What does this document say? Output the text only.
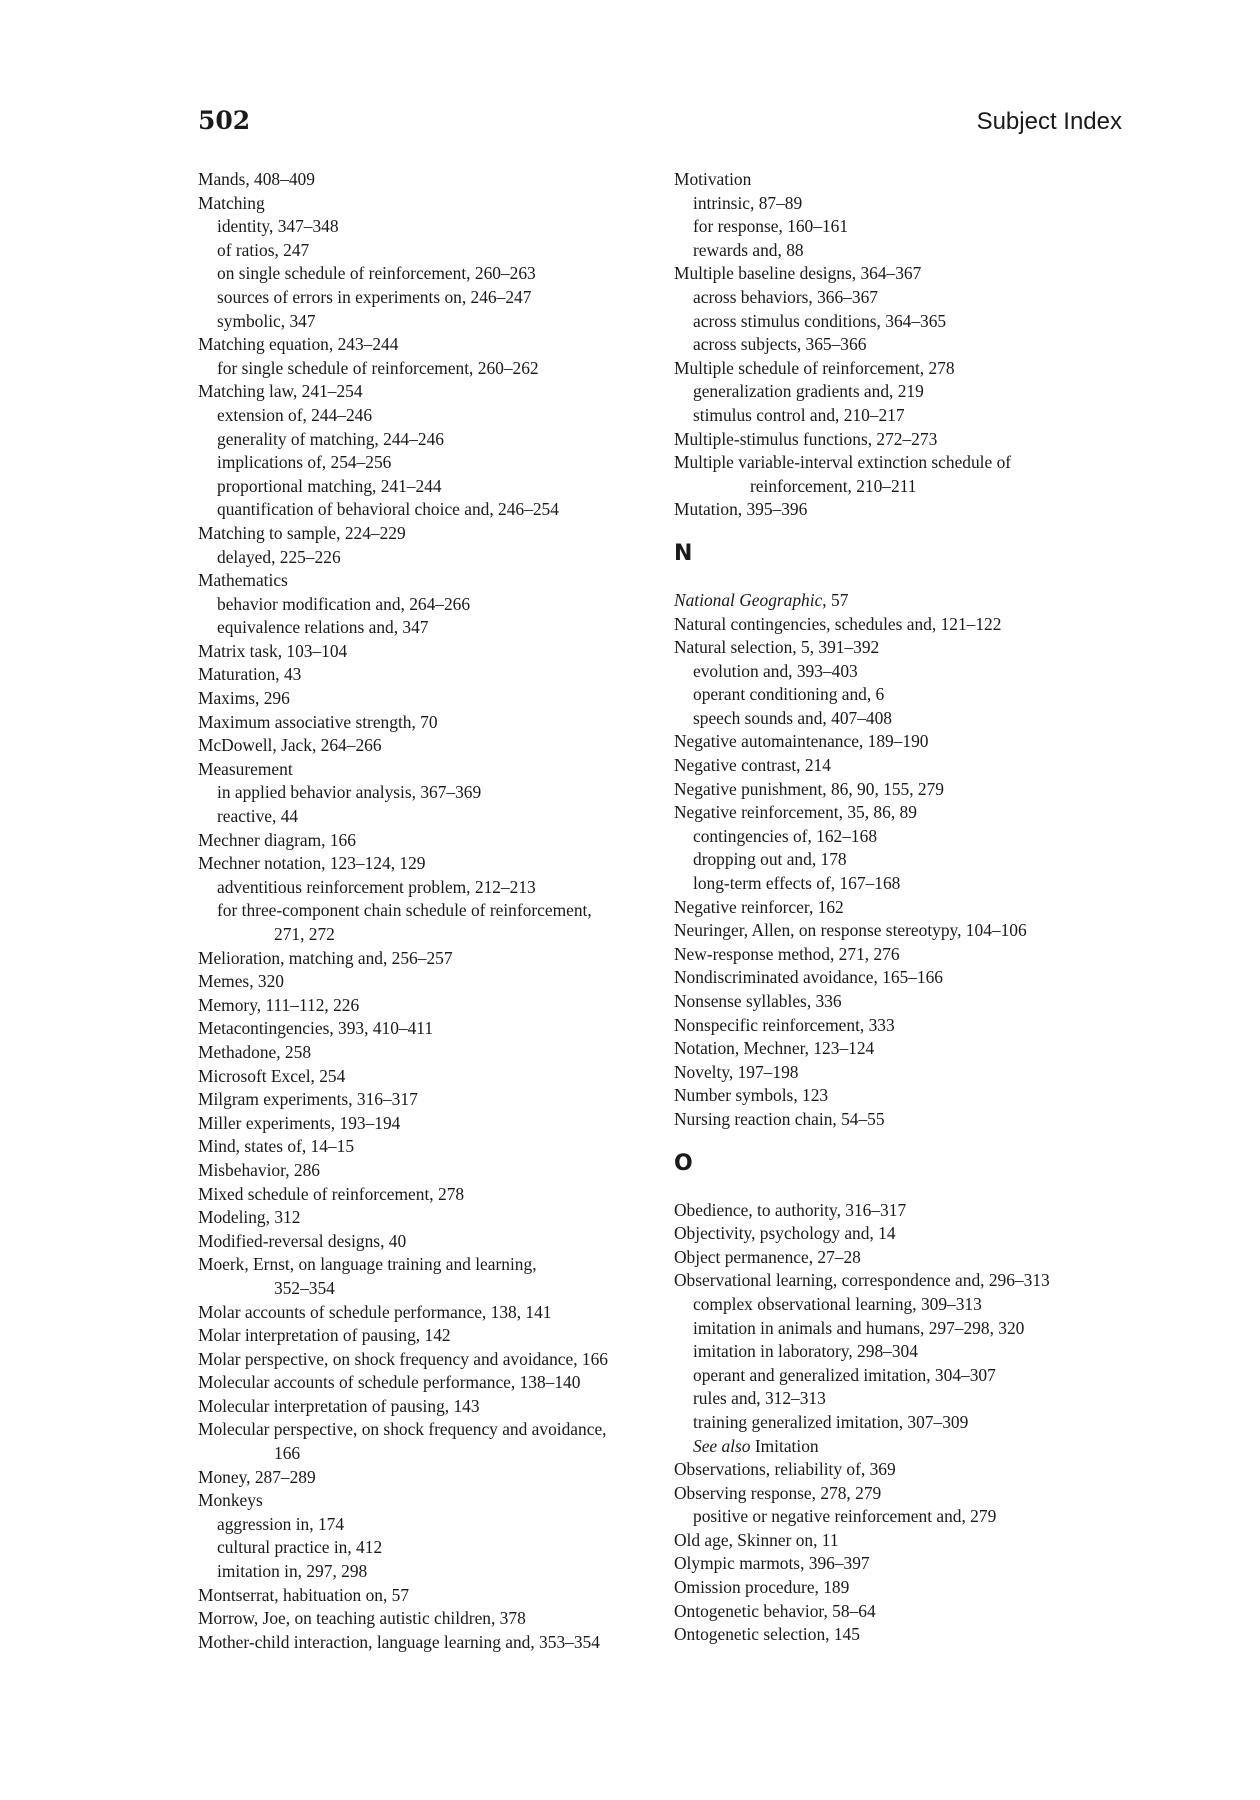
502	Subject Index
Mands, 408–409
Matching
identity, 347–348
of ratios, 247
on single schedule of reinforcement, 260–263
sources of errors in experiments on, 246–247
symbolic, 347
Matching equation, 243–244
for single schedule of reinforcement, 260–262
Matching law, 241–254
extension of, 244–246
generality of matching, 244–246
implications of, 254–256
proportional matching, 241–244
quantification of behavioral choice and, 246–254
Matching to sample, 224–229
delayed, 225–226
Mathematics
behavior modification and, 264–266
equivalence relations and, 347
Matrix task, 103–104
Maturation, 43
Maxims, 296
Maximum associative strength, 70
McDowell, Jack, 264–266
Measurement
in applied behavior analysis, 367–369
reactive, 44
Mechner diagram, 166
Mechner notation, 123–124, 129
adventitious reinforcement problem, 212–213
for three-component chain schedule of reinforcement,
271, 272
Melioration, matching and, 256–257
Memes, 320
Memory, 111–112, 226
Metacontingencies, 393, 410–411
Methadone, 258
Microsoft Excel, 254
Milgram experiments, 316–317
Miller experiments, 193–194
Mind, states of, 14–15
Misbehavior, 286
Mixed schedule of reinforcement, 278
Modeling, 312
Modified-reversal designs, 40
Moerk, Ernst, on language training and learning,
352–354
Molar accounts of schedule performance, 138, 141
Molar interpretation of pausing, 142
Molar perspective, on shock frequency and avoidance, 166
Molecular accounts of schedule performance, 138–140
Molecular interpretation of pausing, 143
Molecular perspective, on shock frequency and avoidance,
166
Money, 287–289
Monkeys
aggression in, 174
cultural practice in, 412
imitation in, 297, 298
Montserrat, habituation on, 57
Morrow, Joe, on teaching autistic children, 378
Mother-child interaction, language learning and, 353–354
Motivation
intrinsic, 87–89
for response, 160–161
rewards and, 88
Multiple baseline designs, 364–367
across behaviors, 366–367
across stimulus conditions, 364–365
across subjects, 365–366
Multiple schedule of reinforcement, 278
generalization gradients and, 219
stimulus control and, 210–217
Multiple-stimulus functions, 272–273
Multiple variable-interval extinction schedule of
reinforcement, 210–211
Mutation, 395–396
N
National Geographic, 57
Natural contingencies, schedules and, 121–122
Natural selection, 5, 391–392
evolution and, 393–403
operant conditioning and, 6
speech sounds and, 407–408
Negative automaintenance, 189–190
Negative contrast, 214
Negative punishment, 86, 90, 155, 279
Negative reinforcement, 35, 86, 89
contingencies of, 162–168
dropping out and, 178
long-term effects of, 167–168
Negative reinforcer, 162
Neuringer, Allen, on response stereotypy, 104–106
New-response method, 271, 276
Nondiscriminated avoidance, 165–166
Nonsense syllables, 336
Nonspecific reinforcement, 333
Notation, Mechner, 123–124
Novelty, 197–198
Number symbols, 123
Nursing reaction chain, 54–55
O
Obedience, to authority, 316–317
Objectivity, psychology and, 14
Object permanence, 27–28
Observational learning, correspondence and, 296–313
complex observational learning, 309–313
imitation in animals and humans, 297–298, 320
imitation in laboratory, 298–304
operant and generalized imitation, 304–307
rules and, 312–313
training generalized imitation, 307–309
See also Imitation
Observations, reliability of, 369
Observing response, 278, 279
positive or negative reinforcement and, 279
Old age, Skinner on, 11
Olympic marmots, 396–397
Omission procedure, 189
Ontogenetic behavior, 58–64
Ontogenetic selection, 145
